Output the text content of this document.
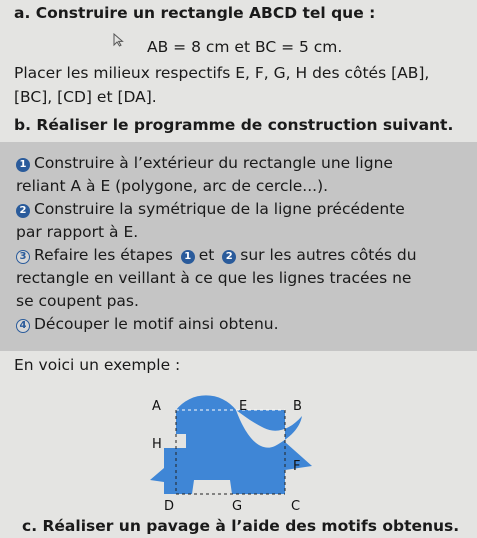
a. Construire un rectangle ABCD tel que :
AB = 8 cm et BC = 5 cm.
Placer les milieux respectifs E, F, G, H des côtés [AB],
[BC], [CD] et [DA].
b. Réaliser le programme de construction suivant.
1 Construire à l’extérieur du rectangle une ligne
reliant A à E (polygone, arc de cercle...).
2 Construire la symétrique de la ligne précédente
par rapport à E.
3 Refaire les étapes 1 et 2 sur les autres côtés du
rectangle en veillant à ce que les lignes tracées ne
se coupent pas.
4 Découper le motif ainsi obtenu.
En voici un exemple :
A	E	B
H
F
D	G	C
c. Réaliser un pavage à l’aide des motifs obtenus.
